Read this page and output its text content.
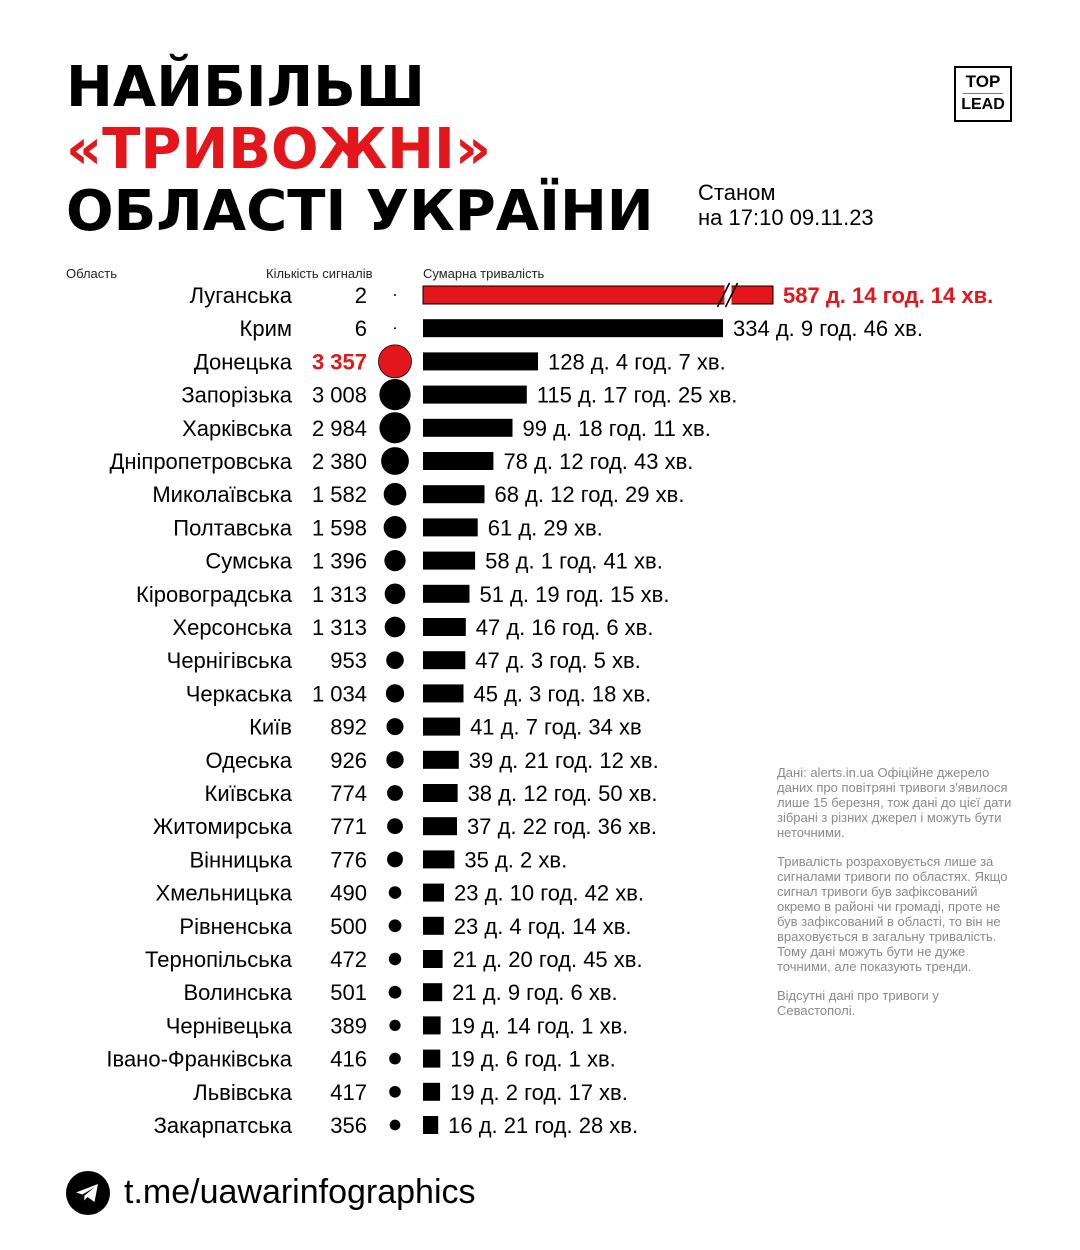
НАЙБІЛЬШ
«ТРИВОЖНІ»
ОБЛАСТІ УКРАЇНИ Станом
на 17:10 09.11.23
TOP
LEAD
Область	Кількість сигналів	Сумарна тривалість
Луганська	2	587 д. 14 год. 14 хв.
Крим	6	334 д. 9 год. 46 хв.
Донецька 3 357	128 д. 4 год. 7 хв.
Запорізька 3 008	115 д. 17 год. 25 хв.
Харківська 2 984	99 д. 18 год. 11 хв.
Дніпропетровська 2 380	78 д. 12 год. 43 хв.
Миколаївська 1 582	68 д. 12 год. 29 хв.
Полтавська 1 598	61 д. 29 хв.
Сумська 1 396	58 д. 1 год. 41 хв.
Кіровоградська 1 313	51 д. 19 год. 15 хв.
Херсонська 1 313	47 д. 16 год. 6 хв.
Чернігівська 953	47 д. 3 год. 5 хв.
Черкаська 1 034	45 д. 3 год. 18 хв.
Київ 892	41 д. 7 год. 34 хв
Одеська 926	39 д. 21 год. 12 хв.
Київська 774	38 д. 12 год. 50 хв.
Житомирська 771	37 д. 22 год. 36 хв.
Вінницька 776	35 д. 2 хв.
Хмельницька 490	23 д. 10 год. 42 хв.
Рівненська 500	23 д. 4 год. 14 хв.
Тернопільська 472	21 д. 20 год. 45 хв.
Волинська 501	21 д. 9 год. 6 хв.
Чернівецька 389	19 д. 14 год. 1 хв.
Івано-Франківська 416	19 д. 6 год. 1 хв.
Львівська 417	19 д. 2 год. 17 хв.
Закарпатська 356	16 д. 21 год. 28 хв.

Дані: alerts.in.ua Офіційне джерело даних про повітряні тривоги з'явилося лише 15 березня, тож дані до цієї дати зібрані з різних джерел і можуть бути неточними.

Тривалість розраховується лише за сигналами тривоги по областях. Якщо сигнал тривоги був зафіксований окремо в районі чи громаді, проте не був зафіксований в області, то він не враховується в загальну тривалість. Тому дані можуть бути не дуже точними, але показують тренди.

Відсутні дані про тривоги у Севастополі.

t.me/uawarinfographics
